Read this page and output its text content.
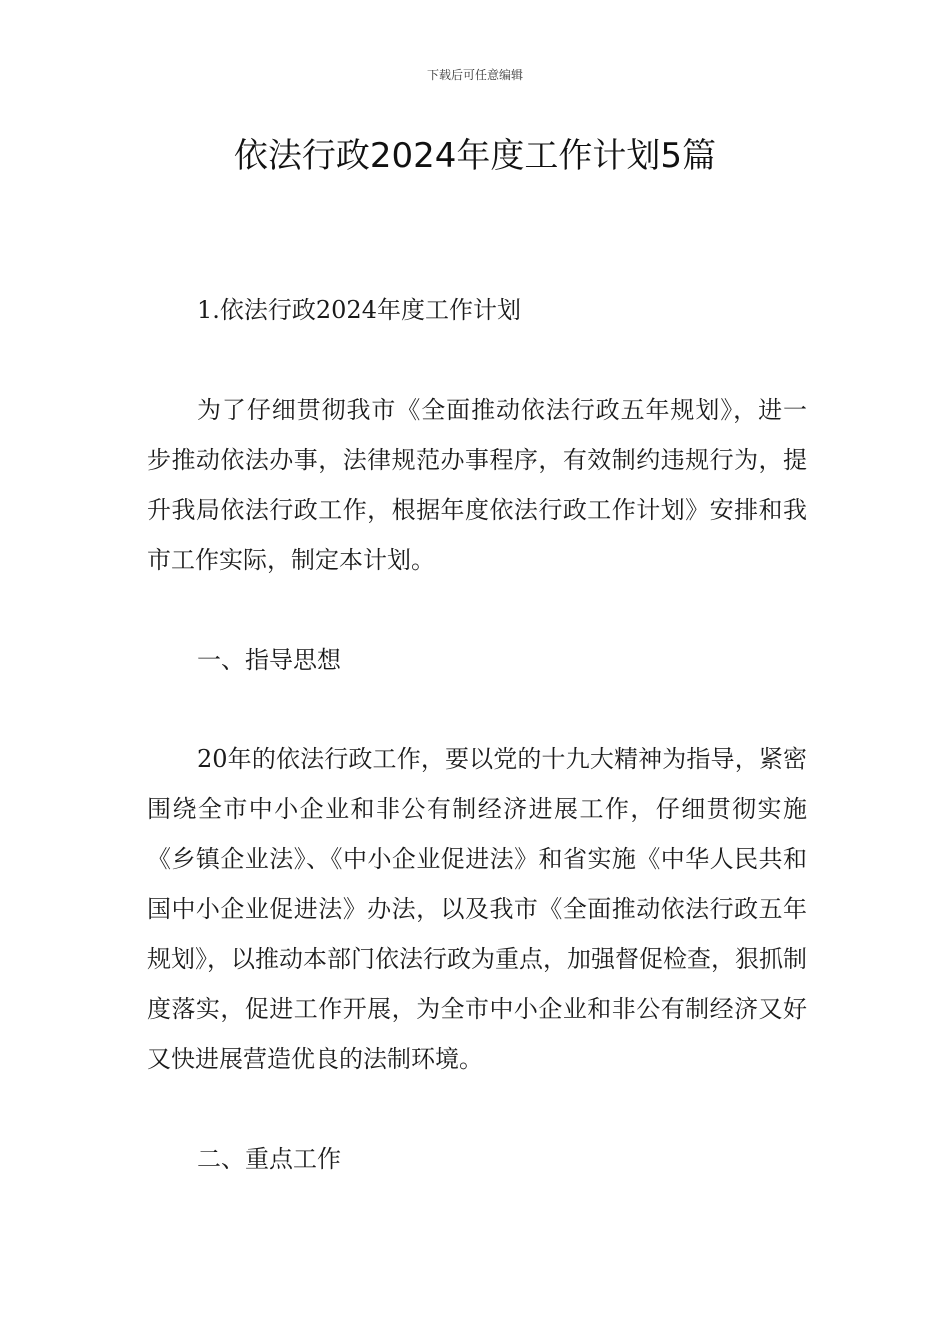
下载后可任意编辑
依法行政2024年度工作计划5篇

1.依法行政2024年度工作计划

为了仔细贯彻我市《全面推动依法行政五年规划》，进一步推动依法办事，法律规范办事程序，有效制约违规行为，提升我局依法行政工作，根据年度依法行政工作计划》安排和我市工作实际，制定本计划。

一、指导思想

20年的依法行政工作，要以党的十九大精神为指导，紧密围绕全市中小企业和非公有制经济进展工作，仔细贯彻实施《乡镇企业法》、《中小企业促进法》和省实施《中华人民共和国中小企业促进法》办法，以及我市《全面推动依法行政五年规划》，以推动本部门依法行政为重点，加强督促检查，狠抓制度落实，促进工作开展，为全市中小企业和非公有制经济又好又快进展营造优良的法制环境。

二、重点工作
